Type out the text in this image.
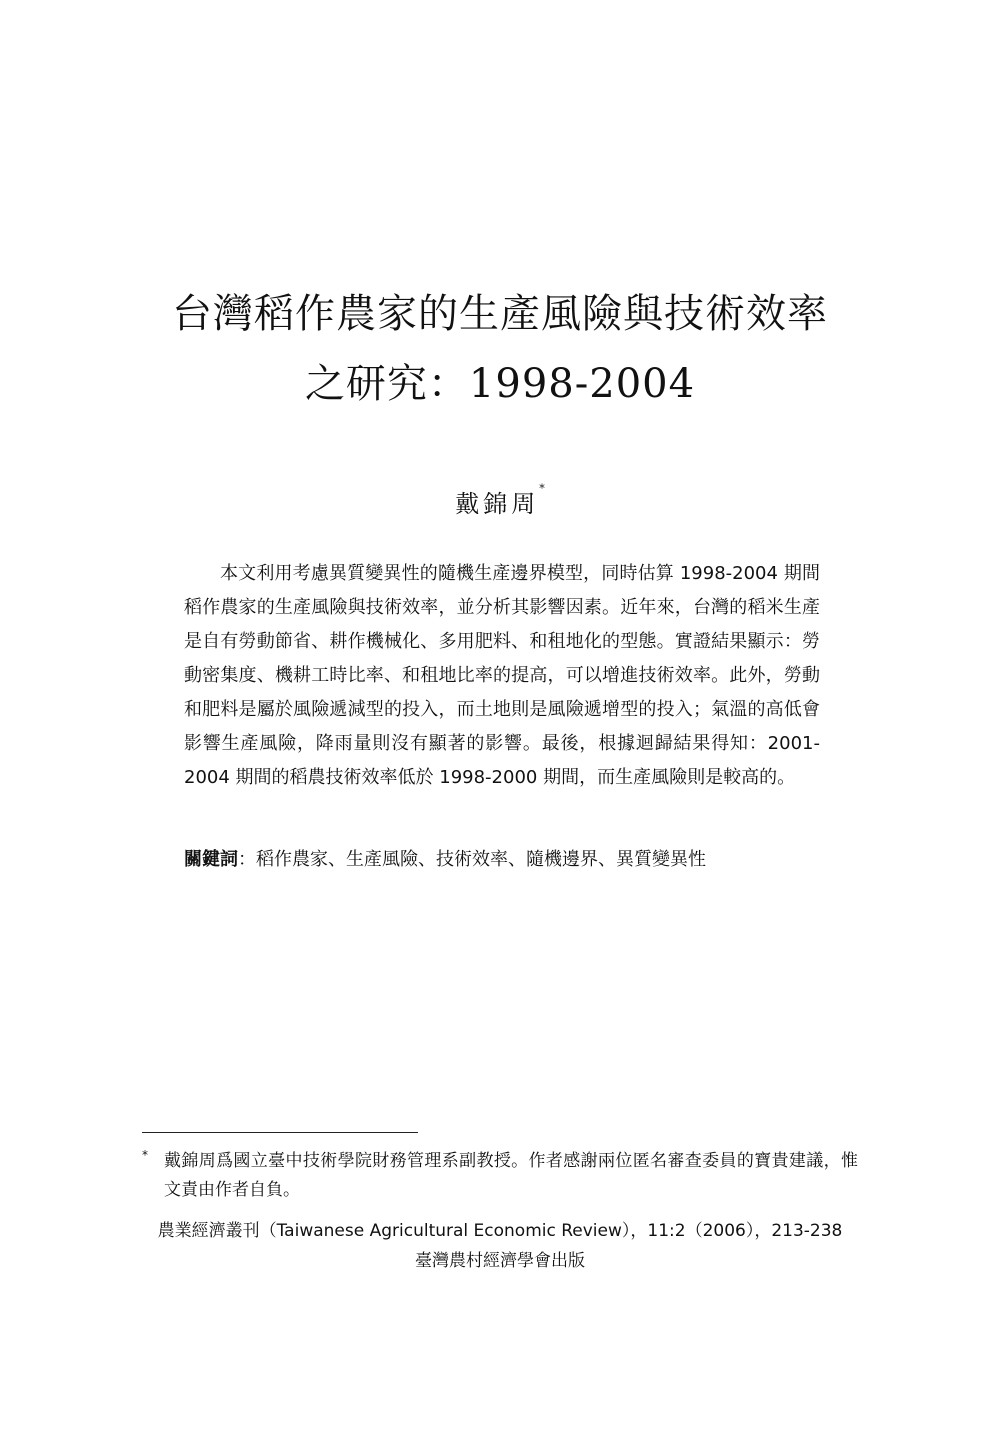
台灣稻作農家的生產風險與技術效率
之研究：1998-2004
戴錦周*
本文利用考慮異質變異性的隨機生產邊界模型，同時估算 1998-2004 期間稻作農家的生產風險與技術效率，並分析其影響因素。近年來，台灣的稻米生產是自有勞動節省、耕作機械化、多用肥料、和租地化的型態。實證結果顯示：勞動密集度、機耕工時比率、和租地比率的提高，可以增進技術效率。此外，勞動和肥料是屬於風險遞減型的投入，而土地則是風險遞增型的投入；氣溫的高低會影響生產風險，降雨量則沒有顯著的影響。最後，根據迴歸結果得知：2001-2004 期間的稻農技術效率低於 1998-2000 期間，而生產風險則是較高的。
關鍵詞：稻作農家、生產風險、技術效率、隨機邊界、異質變異性
* 戴錦周爲國立臺中技術學院財務管理系副教授。作者感謝兩位匿名審查委員的寶貴建議，惟文責由作者自負。
農業經濟叢刊（Taiwanese Agricultural Economic Review），11:2（2006），213-238
臺灣農村經濟學會出版
